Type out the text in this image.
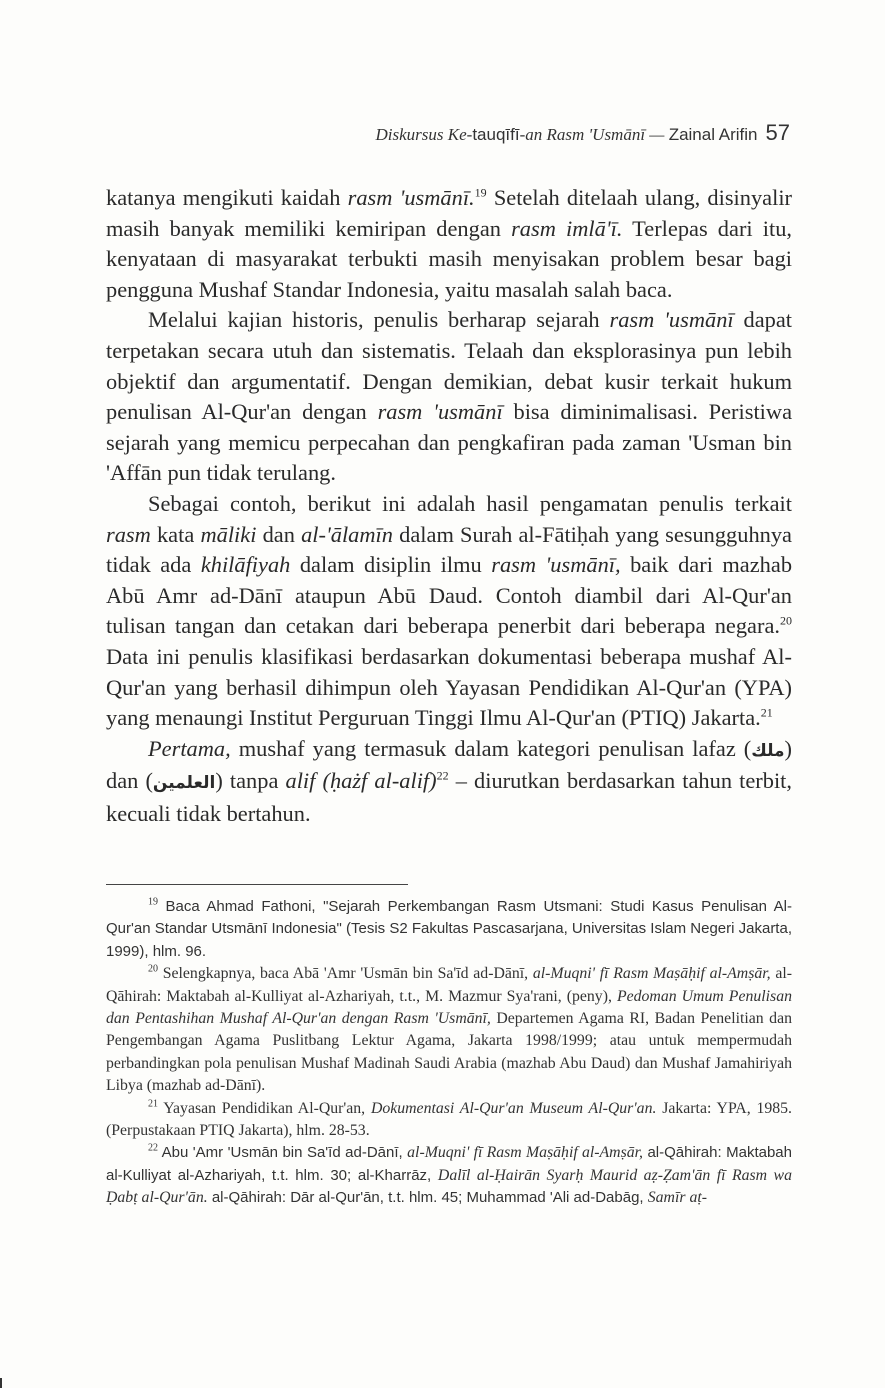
Diskursus Ke-tauqīfī-an Rasm 'Usmānī — Zainal Arifin 57

katanya mengikuti kaidah rasm 'usmānī.$^{19}$ Setelah ditelaah ulang, disinyalir masih banyak memiliki kemiripan dengan rasm imlā'ī. Terlepas dari itu, kenyataan di masyarakat terbukti masih menyisakan problem besar bagi pengguna Mushaf Standar Indonesia, yaitu masalah salah baca.

Melalui kajian historis, penulis berharap sejarah rasm 'usmānī dapat terpetakan secara utuh dan sistematis. Telaah dan eksplorasinya pun lebih objektif dan argumentatif. Dengan demikian, debat kusir terkait hukum penulisan Al-Qur'an dengan rasm 'usmānī bisa diminimalisasi. Peristiwa sejarah yang memicu perpecahan dan pengkafiran pada zaman 'Usman bin 'Affān pun tidak terulang.

Sebagai contoh, berikut ini adalah hasil pengamatan penulis terkait rasm kata māliki dan al-'ālamīn dalam Surah al-Fātiḥah yang sesungguhnya tidak ada khilāfiyah dalam disiplin ilmu rasm 'usmānī, baik dari mazhab Abū Amr ad-Dānī ataupun Abū Daud. Contoh diambil dari Al-Qur'an tulisan tangan dan cetakan dari beberapa penerbit dari beberapa negara.$^{20}$ Data ini penulis klasifikasi berdasarkan dokumentasi beberapa mushaf Al-Qur'an yang berhasil dihimpun oleh Yayasan Pendidikan Al-Qur'an (YPA) yang menaungi Institut Perguruan Tinggi Ilmu Al-Qur'an (PTIQ) Jakarta.$^{21}$

Pertama, mushaf yang termasuk dalam kategori penulisan lafaz (ملك) dan (العلمين) tanpa alif (ḥażf al-alif)$^{22}$ – diurutkan berdasarkan tahun terbit, kecuali tidak bertahun.

$^{19}$ Baca Ahmad Fathoni, "Sejarah Perkembangan Rasm Utsmani: Studi Kasus Penulisan Al-Qur'an Standar Utsmānī Indonesia" (Tesis S2 Fakultas Pascasarjana, Universitas Islam Negeri Jakarta, 1999), hlm. 96.

$^{20}$ Selengkapnya, baca Abā 'Amr 'Usmān bin Sa'īd ad-Dānī, al-Muqni' fī Rasm Maṣāḥif al-Amṣār, al-Qāhirah: Maktabah al-Kulliyat al-Azhariyah, t.t., M. Mazmur Sya'rani, (peny), Pedoman Umum Penulisan dan Pentashihan Mushaf Al-Qur'an dengan Rasm 'Usmānī, Departemen Agama RI, Badan Penelitian dan Pengembangan Agama Puslitbang Lektur Agama, Jakarta 1998/1999; atau untuk mempermudah perbandingkan pola penulisan Mushaf Madinah Saudi Arabia (mazhab Abu Daud) dan Mushaf Jamahiriyah Libya (mazhab ad-Dānī).

$^{21}$ Yayasan Pendidikan Al-Qur'an, Dokumentasi Al-Qur'an Museum Al-Qur'an. Jakarta: YPA, 1985. (Perpustakaan PTIQ Jakarta), hlm. 28-53.

$^{22}$ Abu 'Amr 'Usmān bin Sa'īd ad-Dānī, al-Muqni' fī Rasm Maṣāḥif al-Amṣār, al-Qāhirah: Maktabah al-Kulliyat al-Azhariyah, t.t. hlm. 30; al-Kharrāz, Dalīl al-Ḥairān Syarḥ Maurid aẓ-Ẓam'ān fī Rasm wa Ḍabṭ al-Qur'ān. al-Qāhirah: Dār al-Qur'ān, t.t. hlm. 45; Muhammad 'Ali ad-Dabāg, Samīr aṭ-
